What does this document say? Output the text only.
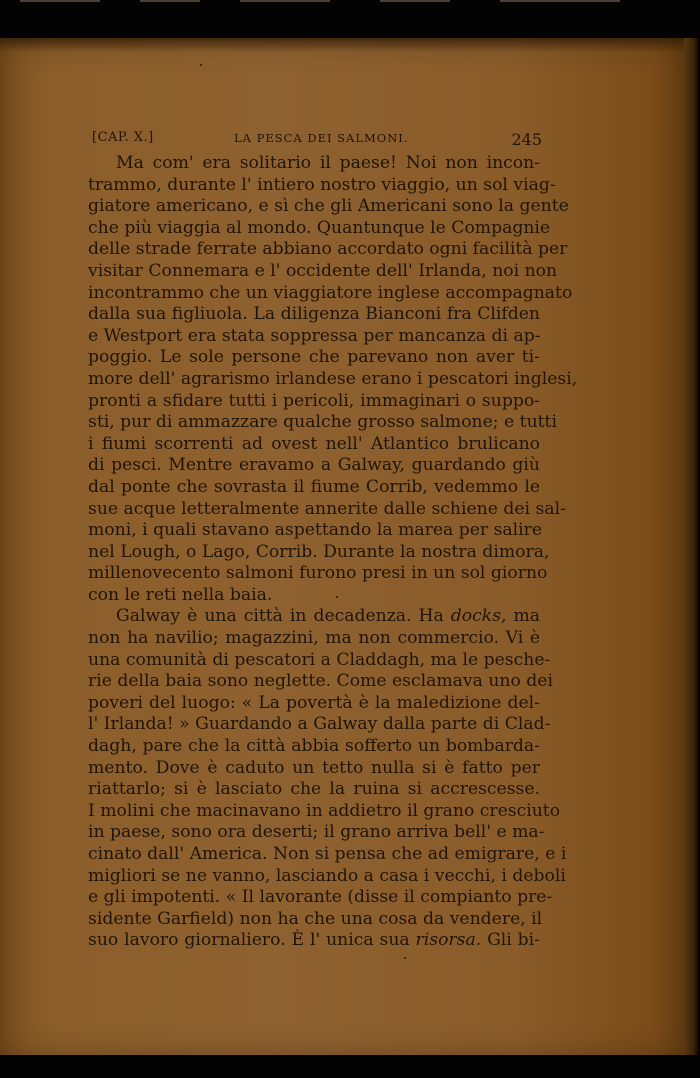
[CAP. X.]	LA PESCA DEI SALMONI.	245
Ma com' era solitario il paese! Noi non incon-
trammo, durante l' intiero nostro viaggio, un sol viag-
giatore americano, e sì che gli Americani sono la gente
che più viaggia al mondo. Quantunque le Compagnie
delle strade ferrate abbiano accordato ogni facilità per
visitar Connemara e l' occidente dell' Irlanda, noi non
incontrammo che un viaggiatore inglese accompagnato
dalla sua figliuola. La diligenza Bianconi fra Clifden
e Westport era stata soppressa per mancanza di ap-
poggio. Le sole persone che parevano non aver ti-
more dell' agrarismo irlandese erano i pescatori inglesi,
pronti a sfidare tutti i pericoli, immaginari o suppo-
sti, pur di ammazzare qualche grosso salmone; e tutti
i fiumi scorrenti ad ovest nell' Atlantico brulicano
di pesci. Mentre eravamo a Galway, guardando giù
dal ponte che sovrasta il fiume Corrib, vedemmo le
sue acque letteralmente annerite dalle schiene dei sal-
moni, i quali stavano aspettando la marea per salire
nel Lough, o Lago, Corrib. Durante la nostra dimora,
millenovecento salmoni furono presi in un sol giorno
con le reti nella baia.
Galway è una città in decadenza. Ha docks, ma
non ha navilio; magazzini, ma non commercio. Vi è
una comunità di pescatori a Claddagh, ma le pesche-
rie della baia sono neglette. Come esclamava uno dei
poveri del luogo: « La povertà è la maledizione del-
l' Irlanda! » Guardando a Galway dalla parte di Clad-
dagh, pare che la città abbia sofferto un bombarda-
mento. Dove è caduto un tetto nulla si è fatto per
riattarlo; si è lasciato che la ruina si accrescesse.
I molini che macinavano in addietro il grano cresciuto
in paese, sono ora deserti; il grano arriva bell' e ma-
cinato dall' America. Non si pensa che ad emigrare, e i
migliori se ne vanno, lasciando a casa i vecchi, i deboli
e gli impotenti. « Il lavorante (disse il compianto pre-
sidente Garfield) non ha che una cosa da vendere, il
suo lavoro giornaliero. È l' unica sua risorsa. Gli bi-
